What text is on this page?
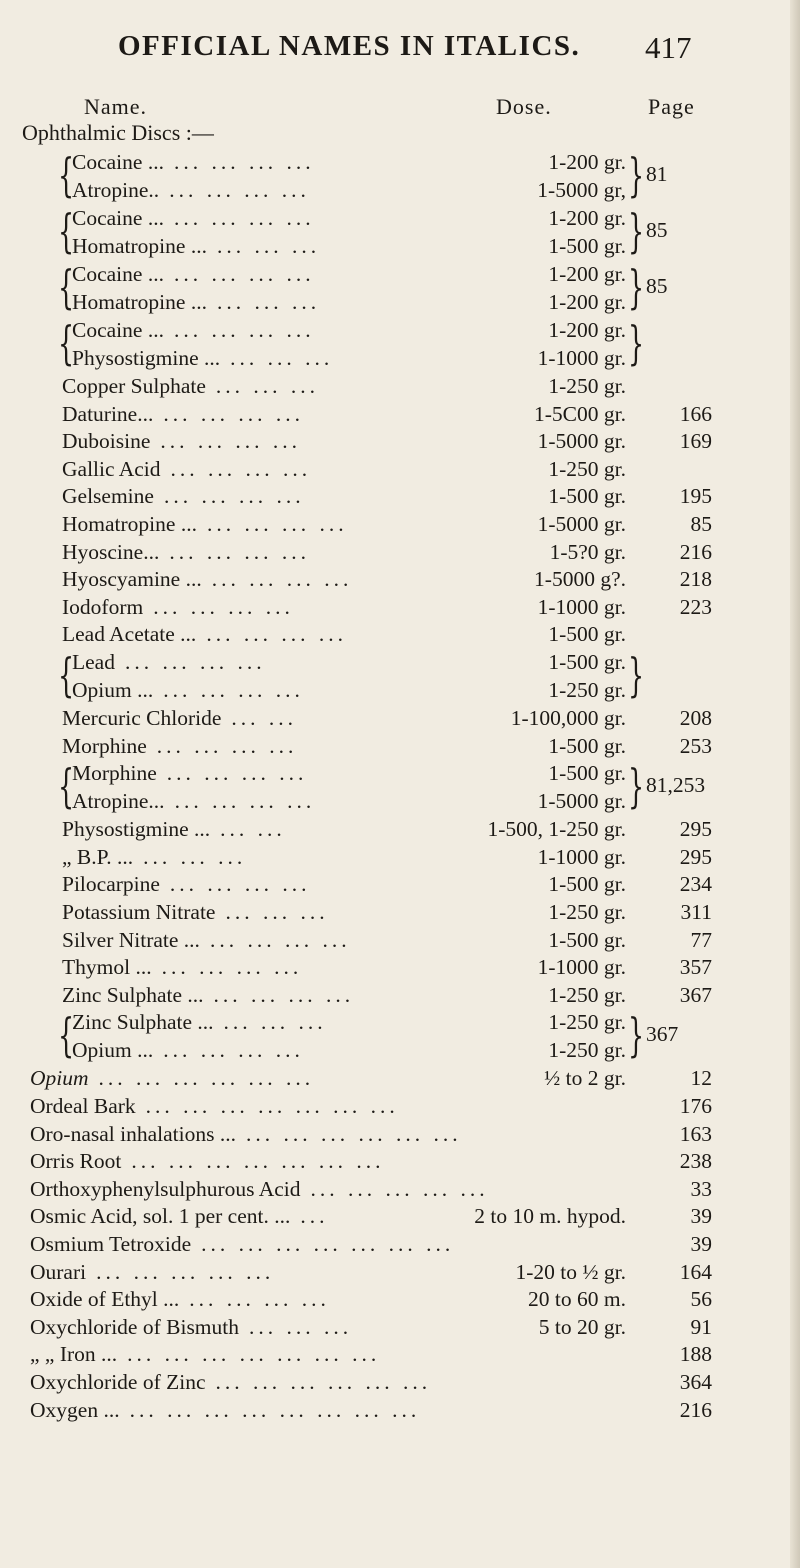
OFFICIAL NAMES IN ITALICS. 417
Name.	Dose.	Page
Ophthalmic Discs :—
Cocaine ... ... ... ... ...	1-200 gr.
Atropine.. ... ... ... ...	1-5000 gr,
{	} 81
Cocaine ... ... ... ... ...	1-200 gr.
Homatropine ... ... ... ...	1-500 gr.
{	} 85
Cocaine ... ... ... ... ...	1-200 gr.
Homatropine ... ... ... ...	1-200 gr.
{	} 85
Cocaine ... ... ... ... ...	1-200 gr.
Physostigmine ... ... ... ...	1-1000 gr.
{	}
Copper Sulphate ... ... ...	1-250 gr.
Daturine... ... ... ... ...	1-5C00 gr.	166
Duboisine ... ... ... ...	1-5000 gr.	169
Gallic Acid ... ... ... ...	1-250 gr.
Gelsemine ... ... ... ...	1-500 gr.	195
Homatropine ... ... ... ... ...	1-5000 gr.	85
Hyoscine... ... ... ... ...	1-5?0 gr.	216
Hyoscyamine ... ... ... ... ...	1-5000 g?.	218
Iodoform ... ... ... ...	1-1000 gr.	223
Lead Acetate ... ... ... ... ...	1-500 gr.
Lead ... ... ... ...	1-500 gr.
Opium ... ... ... ... ...	1-250 gr.
{	}
Mercuric Chloride ... ...	1-100,000 gr.	208
Morphine ... ... ... ...	1-500 gr.	253
Morphine ... ... ... ...	1-500 gr.
Atropine... ... ... ... ...	1-5000 gr.
{	} 81,253
Physostigmine ... ... ...	1-500, 1-250 gr.	295
„ B.P. ... ... ... ...	1-1000 gr.	295
Pilocarpine ... ... ... ...	1-500 gr.	234
Potassium Nitrate ... ... ...	1-250 gr.	311
Silver Nitrate ... ... ... ... ...	1-500 gr.	77
Thymol ... ... ... ... ...	1-1000 gr.	357
Zinc Sulphate ... ... ... ... ...	1-250 gr.	367
Zinc Sulphate ... ... ... ...	1-250 gr.
Opium ... ... ... ... ...	1-250 gr.
{	} 367
Opium ... ... ... ... ... ...	½ to 2 gr.	12
Ordeal Bark ... ... ... ... ... ... ...	176
Oro-nasal inhalations ... ... ... ... ... ... ...	163
Orris Root ... ... ... ... ... ... ...	238
Orthoxyphenylsulphurous Acid ... ... ... ... ...	33
Osmic Acid, sol. 1 per cent. ... ...	2 to 10 m. hypod.	39
Osmium Tetroxide ... ... ... ... ... ... ...	39
Ourari ... ... ... ... ...	1-20 to ½ gr.	164
Oxide of Ethyl ... ... ... ... ...	20 to 60 m.	56
Oxychloride of Bismuth ... ... ...	5 to 20 gr.	91
„ „ Iron ... ... ... ... ... ... ... ...	188
Oxychloride of Zinc ... ... ... ... ... ...	364
Oxygen ... ... ... ... ... ... ... ... ...	216
